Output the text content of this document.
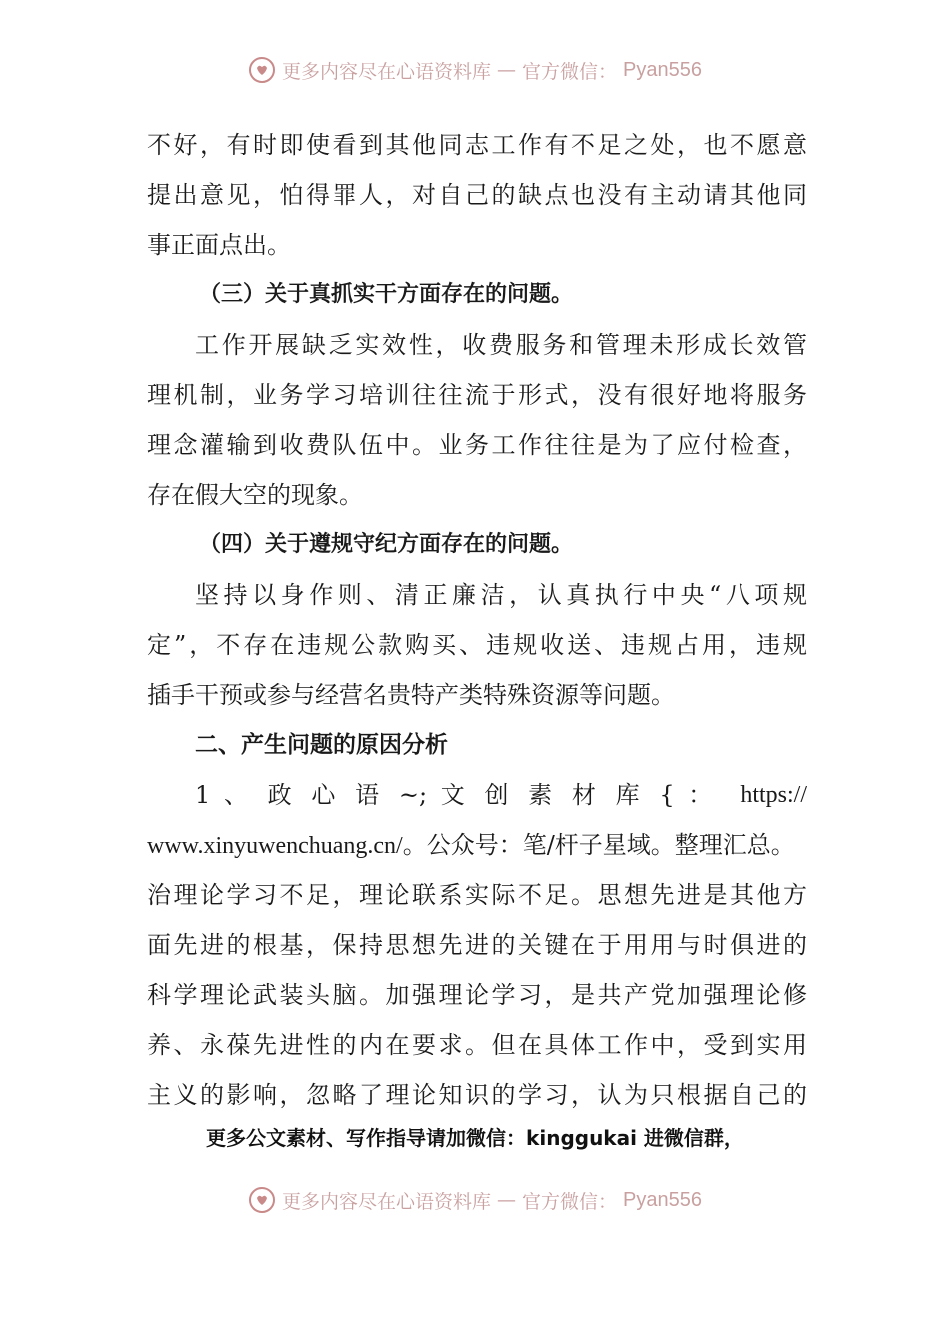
更多内容尽在心语资料库 — 官方微信： Pyan556
不好，有时即使看到其他同志工作有不足之处，也不愿意
提出意见，怕得罪人，对自己的缺点也没有主动请其他同
事正面点出。
（三）关于真抓实干方面存在的问题。
工作开展缺乏实效性，收费服务和管理未形成长效管
理机制，业务学习培训往往流于形式，没有很好地将服务
理念灌输到收费队伍中。业务工作往往是为了应付检查，
存在假大空的现象。
（四）关于遵规守纪方面存在的问题。
坚持以身作则、清正廉洁，认真执行中央“八项规
定”，不存在违规公款购买、违规收送、违规占用，违规
插手干预或参与经营名贵特产类特殊资源等问题。
二、产生问题的原因分析
1 、 政 心 语 ~; 文 创 素 材 库 { ：	https://
www.xinyuwenchuang.cn/。公众号：笔/杆子星域。整理汇总。
治理论学习不足，理论联系实际不足。思想先进是其他方
面先进的根基，保持思想先进的关键在于用用与时俱进的
科学理论武装头脑。加强理论学习，是共产党加强理论修
养、永葆先进性的内在要求。但在具体工作中，受到实用
主义的影响，忽略了理论知识的学习，认为只根据自己的
更多公文素材、写作指导请加微信：kinggukai 进微信群，
更多内容尽在心语资料库 — 官方微信： Pyan556
